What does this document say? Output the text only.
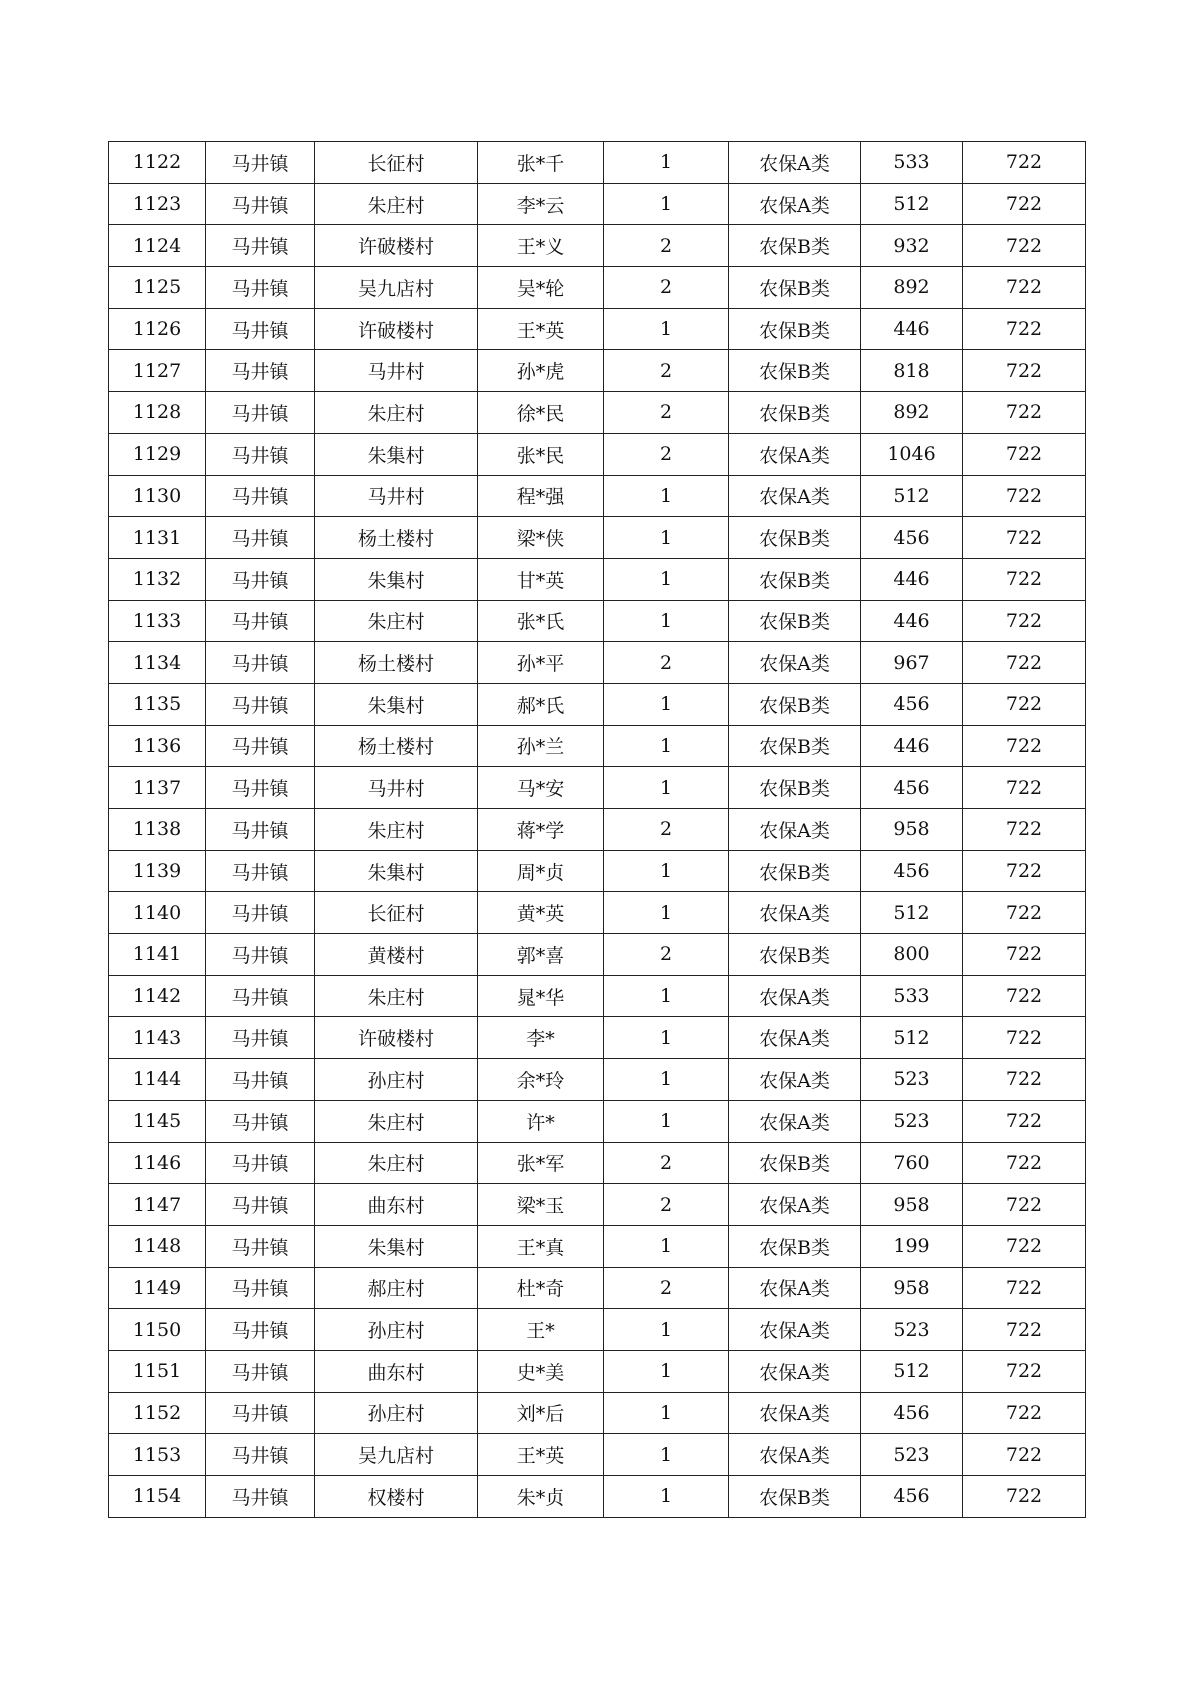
1122	马井镇	长征村	张*千	1	农保A类	533	722
1123	马井镇	朱庄村	李*云	1	农保A类	512	722
1124	马井镇	许破楼村	王*义	2	农保B类	932	722
1125	马井镇	吴九店村	吴*轮	2	农保B类	892	722
1126	马井镇	许破楼村	王*英	1	农保B类	446	722
1127	马井镇	马井村	孙*虎	2	农保B类	818	722
1128	马井镇	朱庄村	徐*民	2	农保B类	892	722
1129	马井镇	朱集村	张*民	2	农保A类	1046	722
1130	马井镇	马井村	程*强	1	农保A类	512	722
1131	马井镇	杨土楼村	梁*侠	1	农保B类	456	722
1132	马井镇	朱集村	甘*英	1	农保B类	446	722
1133	马井镇	朱庄村	张*氏	1	农保B类	446	722
1134	马井镇	杨土楼村	孙*平	2	农保A类	967	722
1135	马井镇	朱集村	郝*氏	1	农保B类	456	722
1136	马井镇	杨土楼村	孙*兰	1	农保B类	446	722
1137	马井镇	马井村	马*安	1	农保B类	456	722
1138	马井镇	朱庄村	蒋*学	2	农保A类	958	722
1139	马井镇	朱集村	周*贞	1	农保B类	456	722
1140	马井镇	长征村	黄*英	1	农保A类	512	722
1141	马井镇	黄楼村	郭*喜	2	农保B类	800	722
1142	马井镇	朱庄村	晁*华	1	农保A类	533	722
1143	马井镇	许破楼村	李*	1	农保A类	512	722
1144	马井镇	孙庄村	余*玲	1	农保A类	523	722
1145	马井镇	朱庄村	许*	1	农保A类	523	722
1146	马井镇	朱庄村	张*军	2	农保B类	760	722
1147	马井镇	曲东村	梁*玉	2	农保A类	958	722
1148	马井镇	朱集村	王*真	1	农保B类	199	722
1149	马井镇	郝庄村	杜*奇	2	农保A类	958	722
1150	马井镇	孙庄村	王*	1	农保A类	523	722
1151	马井镇	曲东村	史*美	1	农保A类	512	722
1152	马井镇	孙庄村	刘*后	1	农保A类	456	722
1153	马井镇	吴九店村	王*英	1	农保A类	523	722
1154	马井镇	权楼村	朱*贞	1	农保B类	456	722
